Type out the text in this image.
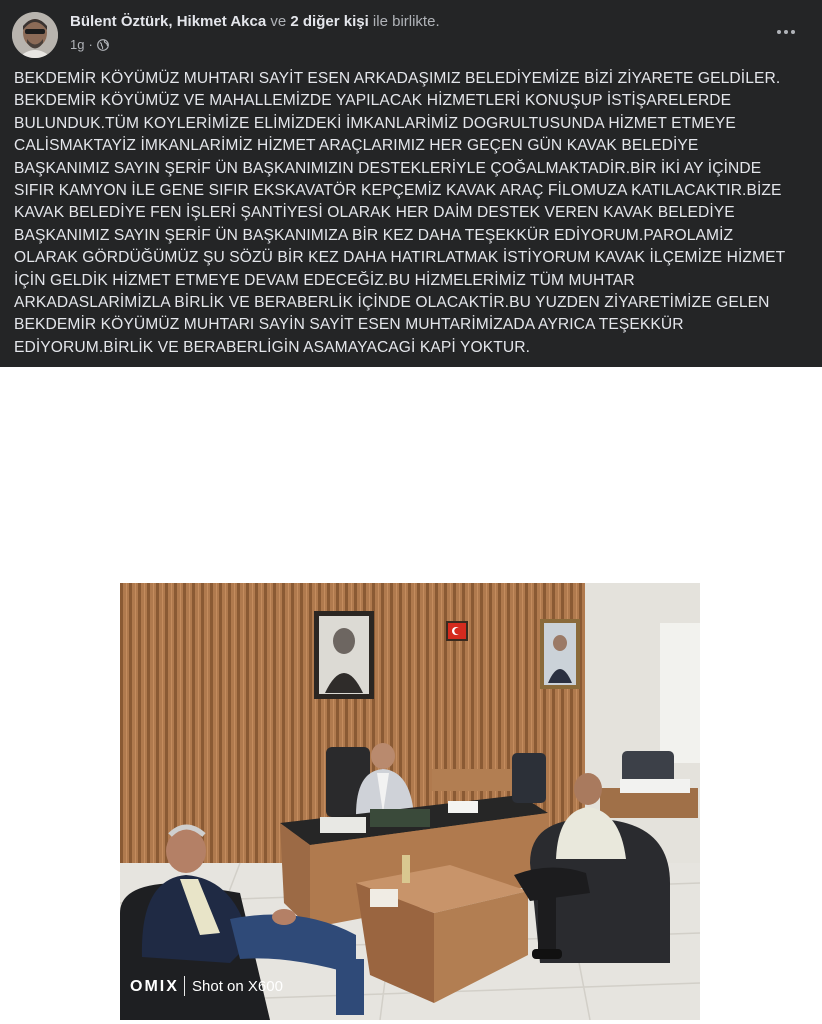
Bülent Öztürk, Hikmet Akca ve 2 diğer kişi ile birlikte.
1g ·
BEKDEMİR KÖYÜMÜZ MUHTARI SAYİT ESEN ARKADAŞIMIZ BELEDİYEMİZE BİZİ ZİYARETE GELDİLER.
BEKDEMİR KÖYÜMÜZ VE MAHALLEMİZDE YAPILACAK HİZMETLERİ KONUŞUP İSTİŞARELERDE
BULUNDUK.TÜM KOYLERİMİZE ELİMİZDEKİ İMKANLARİMİZ DOGRULTUSUNDA HİZMET ETMEYE
CALİSMAKTAYİZ İMKANLARİMİZ HİZMET ARAÇLARIMIZ HER GEÇEN GÜN KAVAK BELEDİYE
BAŞKANIMIZ SAYIN ŞERİF ÜN BAŞKANIMIZIN DESTEKLERİYLE ÇOĞALMAKTADİR.BİR İKİ AY İÇİNDE
SIFIR KAMYON İLE GENE SIFIR EKSKAVATÖR KEPÇEMİZ KAVAK ARAÇ FİLOMUZA KATILACAKTIR.BİZE
KAVAK BELEDİYE FEN İŞLERİ ŞANTİYESİ OLARAK HER DAİM DESTEK VEREN KAVAK BELEDİYE
BAŞKANIMIZ SAYIN ŞERİF ÜN BAŞKANIMIZA BİR KEZ DAHA TEŞEKKÜR EDİYORUM.PAROLAMİZ
OLARAK GÖRDÜĞÜMÜZ ŞU SÖZÜ BİR KEZ DAHA HATIRLATMAK İSTİYORUM KAVAK İLÇEMİZE HİZMET
İÇİN GELDİK HİZMET ETMEYE DEVAM EDECEĞİZ.BU HİZMELERİMİZ TÜM MUHTAR
ARKADASLARİMİZLA BİRLİK VE BERABERLİK İÇİNDE OLACAKTİR.BU YUZDEN ZİYARETİMİZE GELEN
BEKDEMİR KÖYÜMÜZ MUHTARI SAYİN SAYİT ESEN MUHTARİMİZADA AYRICA TEŞEKKÜR
EDİYORUM.BİRLİK VE BERABERLİGİN ASAMAYACAGİ KAPİ YOKTUR.
OMIX Shot on X600
